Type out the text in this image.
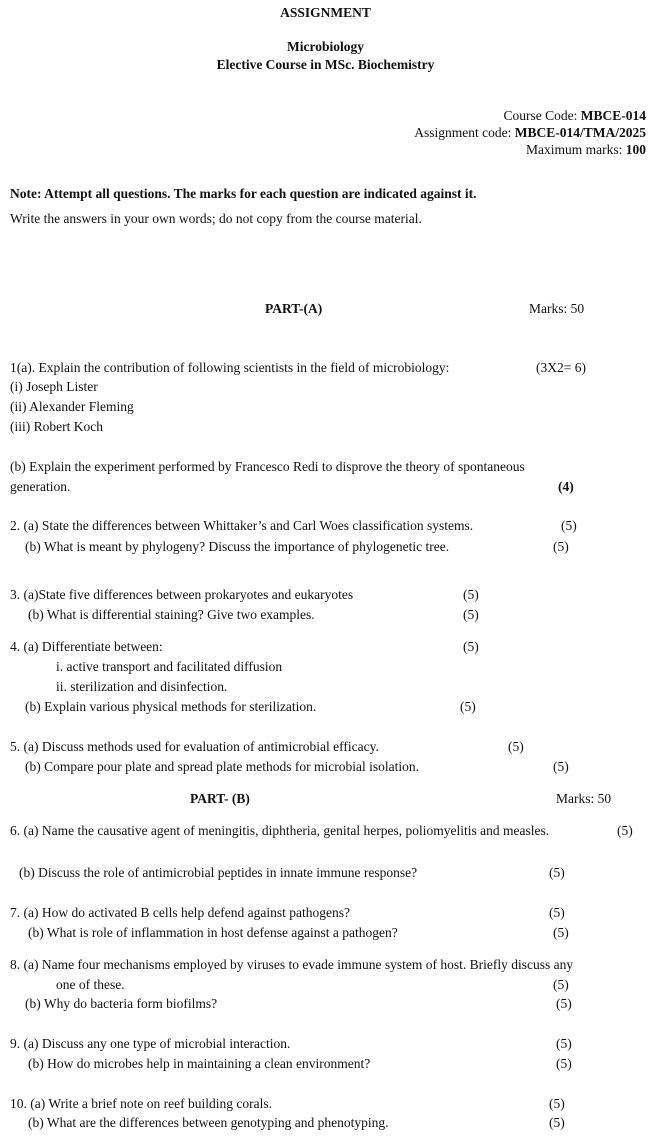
ASSIGNMENT
Microbiology
Elective Course in MSc. Biochemistry
Course Code: MBCE-014
Assignment code: MBCE-014/TMA/2025
Maximum marks: 100
Note: Attempt all questions. The marks for each question are indicated against it.
Write the answers in your own words; do not copy from the course material.
PART-(A)	Marks: 50
1(a). Explain the contribution of following scientists in the field of microbiology:	(3X2= 6)
(i) Joseph Lister
(ii) Alexander Fleming
(iii) Robert Koch
(b) Explain the experiment performed by Francesco Redi to disprove the theory of spontaneous
generation.	(4)
2. (a) State the differences between Whittaker’s and Carl Woes classification systems.	(5)
(b) What is meant by phylogeny? Discuss the importance of phylogenetic tree.	(5)
3. (a)State five differences between prokaryotes and eukaryotes	(5)
(b) What is differential staining? Give two examples.	(5)
4. (a) Differentiate between:	(5)
i. active transport and facilitated diffusion
ii. sterilization and disinfection.
(b) Explain various physical methods for sterilization.	(5)
5. (a) Discuss methods used for evaluation of antimicrobial efficacy.	(5)
(b) Compare pour plate and spread plate methods for microbial isolation.	(5)
PART- (B)	Marks: 50
6. (a) Name the causative agent of meningitis, diphtheria, genital herpes, poliomyelitis and measles.	(5)
(b) Discuss the role of antimicrobial peptides in innate immune response?	(5)
7. (a) How do activated B cells help defend against pathogens?	(5)
(b) What is role of inflammation in host defense against a pathogen?	(5)
8. (a) Name four mechanisms employed by viruses to evade immune system of host. Briefly discuss any
one of these.	(5)
(b) Why do bacteria form biofilms?	(5)
9. (a) Discuss any one type of microbial interaction.	(5)
(b) How do microbes help in maintaining a clean environment?	(5)
10. (a) Write a brief note on reef building corals.	(5)
(b) What are the differences between genotyping and phenotyping.	(5)
